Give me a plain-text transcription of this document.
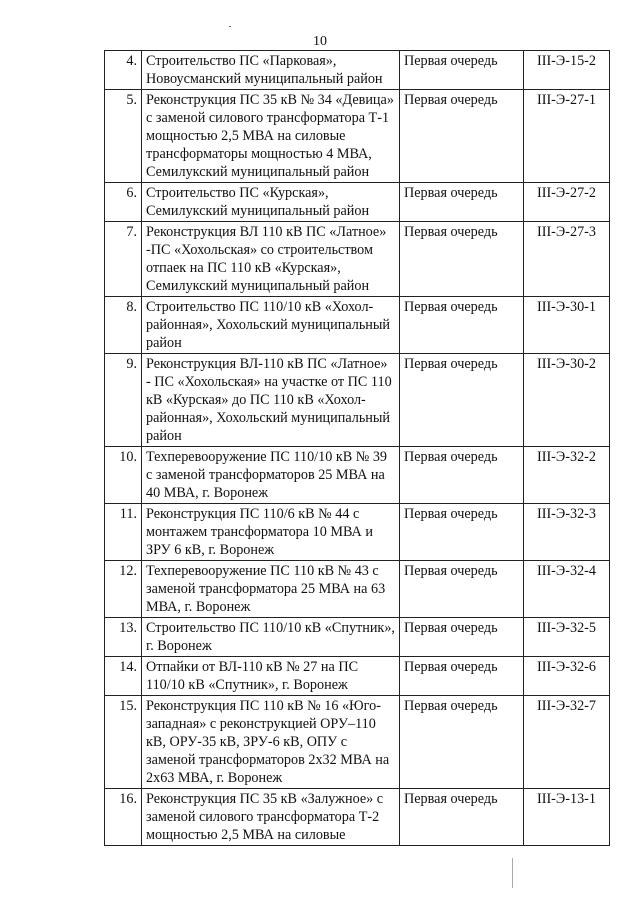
10
4.	Строительство ПС «Парковая», Новоусманский муниципальный район	Первая очередь	III-Э-15-2
5.	Реконструкция ПС 35 кВ № 34 «Девица» с заменой силового трансформатора Т-1 мощностью 2,5 МВА на силовые трансформаторы мощностью 4 МВА, Семилукский муниципальный район	Первая очередь	III-Э-27-1
6.	Строительство ПС «Курская», Семилукский муниципальный район	Первая очередь	III-Э-27-2
7.	Реконструкция ВЛ 110 кВ ПС «Латное» -ПС «Хохольская» со строительством отпаек на ПС 110 кВ «Курская», Семилукский муниципальный район	Первая очередь	III-Э-27-3
8.	Строительство ПС 110/10 кВ «Хохол-районная», Хохольский муниципальный район	Первая очередь	III-Э-30-1
9.	Реконструкция ВЛ-110 кВ ПС «Латное» - ПС «Хохольская» на участке от ПС 110 кВ «Курская» до ПС 110 кВ «Хохол-районная», Хохольский муниципальный район	Первая очередь	III-Э-30-2
10.	Техперевооружение ПС 110/10 кВ № 39 с заменой трансформаторов 25 МВА на 40 МВА, г. Воронеж	Первая очередь	III-Э-32-2
11.	Реконструкция ПС 110/6 кВ № 44 с монтажем трансформатора 10 МВА и ЗРУ 6 кВ, г. Воронеж	Первая очередь	III-Э-32-3
12.	Техперевооружение ПС 110 кВ № 43 с заменой трансформатора 25 МВА на 63 МВА, г. Воронеж	Первая очередь	III-Э-32-4
13.	Строительство ПС 110/10 кВ «Спутник», г. Воронеж	Первая очередь	III-Э-32-5
14.	Отпайки от ВЛ-110 кВ № 27 на ПС 110/10 кВ «Спутник», г. Воронеж	Первая очередь	III-Э-32-6
15.	Реконструкция ПС 110 кВ № 16 «Юго-западная» с реконструкцией ОРУ–110 кВ, ОРУ-35 кВ, ЗРУ-6 кВ, ОПУ с заменой трансформаторов 2х32 МВА на 2х63 МВА, г. Воронеж	Первая очередь	III-Э-32-7
16.	Реконструкция ПС 35 кВ «Залужное» с заменой силового трансформатора Т-2 мощностью 2,5 МВА на силовые	Первая очередь	III-Э-13-1
